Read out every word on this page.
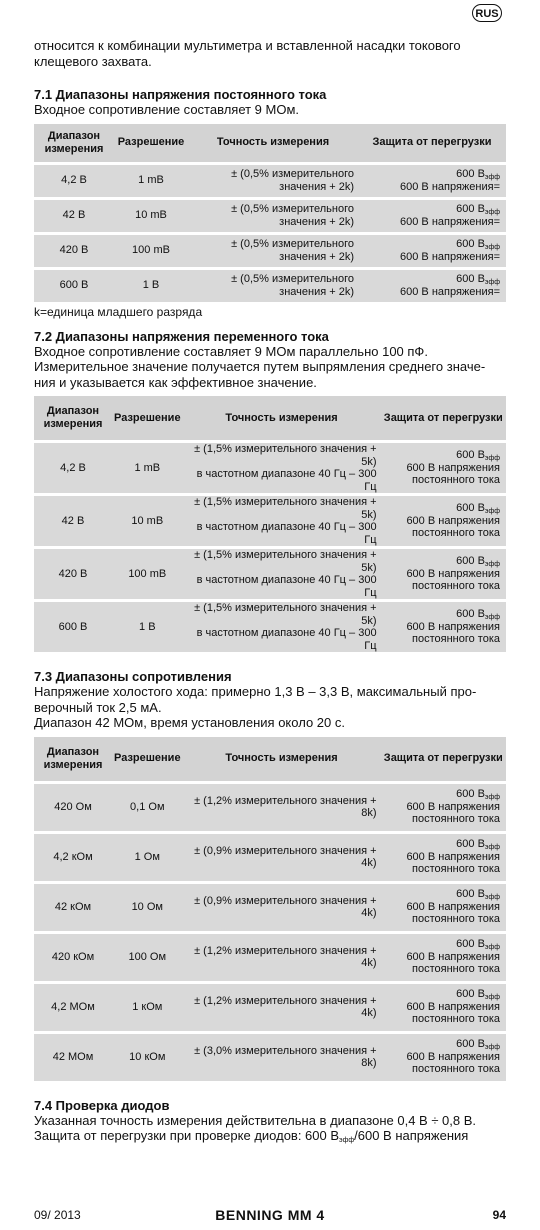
RUS

относится к комбинации мультиметра и вставленной насадки токового клещевого захвата.

7.1 Диапазоны напряжения постоянного тока

Входное сопротивление составляет 9 МОм.

Диапазон измерения	Разрешение	Точность измерения	Защита от перегрузки
4,2 В	1 mВ	± (0,5% измерительного значения + 2k)	600 $В_{эфф}$
600 В напряжения=
42 В	10 mВ	± (0,5% измерительного значения + 2k)	600 $В_{эфф}$
600 В напряжения=
420 В	100 mВ	± (0,5% измерительного значения + 2k)	600 $В_{эфф}$
600 В напряжения=
600 В	1 В	± (0,5% измерительного значения + 2k)	600 $В_{эфф}$
600 В напряжения=

k=единица младшего разряда

7.2 Диапазоны напряжения переменного тока

Входное сопротивление составляет 9 МОм параллельно 100 пФ.

Измерительное значение получается путем выпрямления среднего значе-

ния и указывается как эффективное значение.

Диапазон измерения	Разрешение	Точность измерения	Защита от перегрузки
4,2 В	1 mВ	± (1,5% измерительного значения + 5k)
в частотном диапазоне 40 Гц – 300 Гц	600 $В_{эфф}$
600 В напряжения
постоянного тока
42 В	10 mВ	± (1,5% измерительного значения + 5k)
в частотном диапазоне 40 Гц – 300 Гц	600 $В_{эфф}$
600 В напряжения
постоянного тока
420 В	100 mВ	± (1,5% измерительного значения + 5k)
в частотном диапазоне 40 Гц – 300 Гц	600 $В_{эфф}$
600 В напряжения
постоянного тока
600 В	1 В	± (1,5% измерительного значения + 5k)
в частотном диапазоне 40 Гц – 300 Гц	600 $В_{эфф}$
600 В напряжения
постоянного тока
7.3 Диапазоны сопротивления

Напряжение холостого хода: примерно 1,3 В – 3,3 В, максимальный про-

верочный ток 2,5 мА.

Диапазон 42 МОм, время установления около 20 с.

Диапазон измерения	Разрешение	Точность измерения	Защита от перегрузки
420 Ом	0,1 Ом	± (1,2% измерительного значения + 8k)	600 $В_{эфф}$
600 В напряжения
постоянного тока
4,2 кОм	1 Ом	± (0,9% измерительного значения + 4k)	600 $В_{эфф}$
600 В напряжения
постоянного тока
42 кОм	10 Ом	± (0,9% измерительного значения + 4k)	600 $В_{эфф}$
600 В напряжения
постоянного тока
420 кОм	100 Ом	± (1,2% измерительного значения + 4k)	600 $В_{эфф}$
600 В напряжения
постоянного тока
4,2 МОм	1 кОм	± (1,2% измерительного значения + 4k)	600 $В_{эфф}$
600 В напряжения
постоянного тока
42 МОм	10 кОм	± (3,0% измерительного значения + 8k)	600 $В_{эфф}$
600 В напряжения
постоянного тока
7.4 Проверка диодов

Указанная точность измерения действительна в диапазоне 0,4 В ÷ 0,8 В.

Защита от перегрузки при проверке диодов: 600 $В_{эфф}/600$ В напряжения

09/ 2013	BENNING MM 4	94
